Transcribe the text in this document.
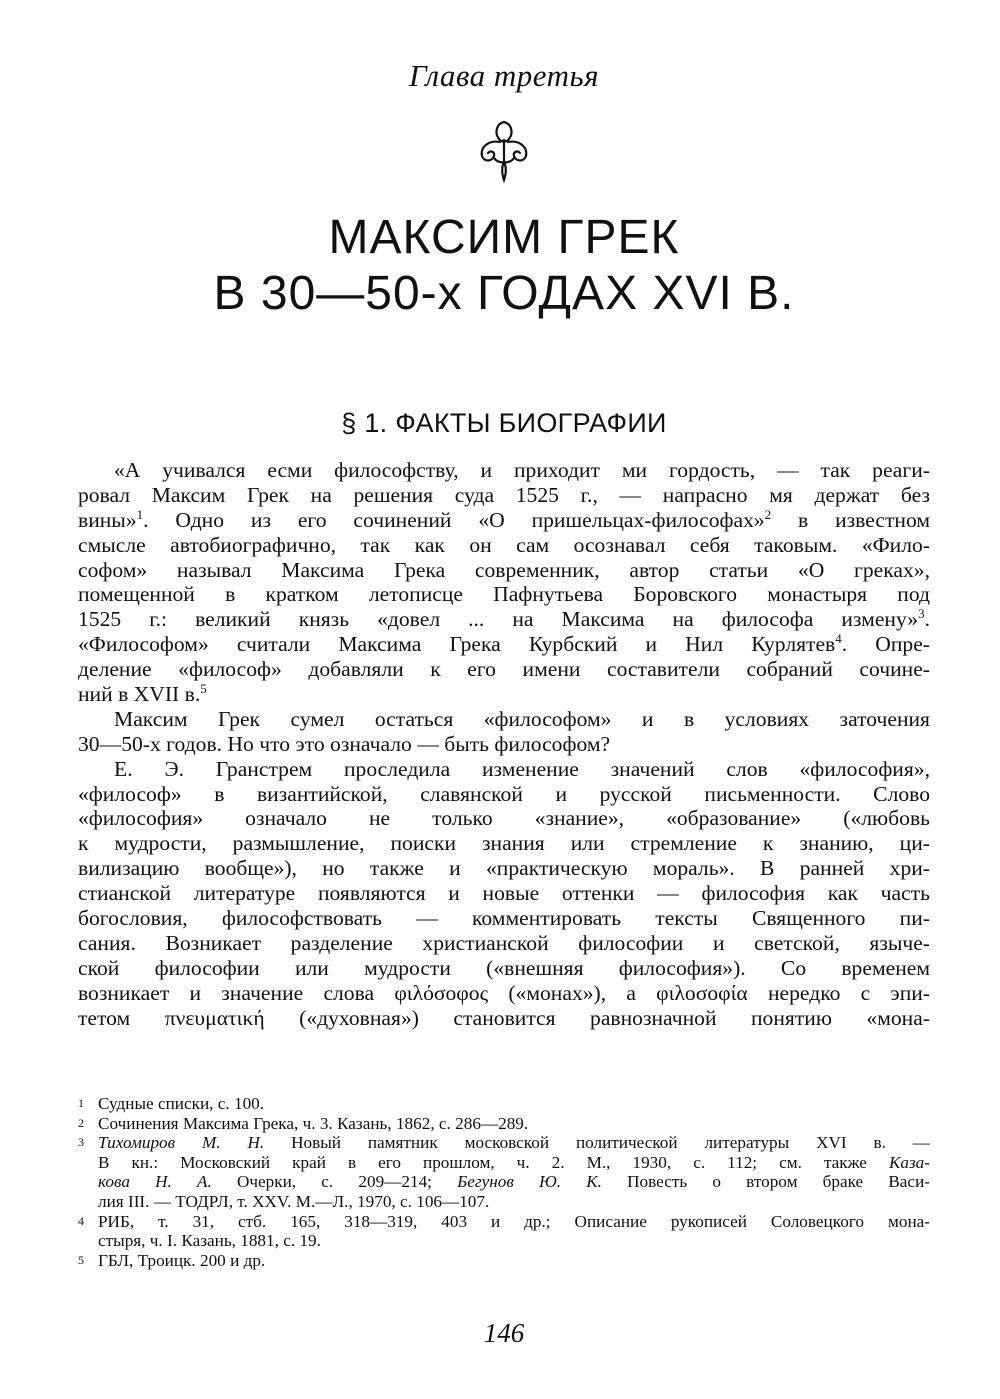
Глава третья
МАКСИМ ГРЕК
В 30—50-х ГОДАХ XVI В.
§ 1. ФАКТЫ БИОГРАФИИ
«А учивался есми философству, и приходит ми гордость, — так реаги-
ровал Максим Грек на решения суда 1525 г., — напрасно мя держат без
вины»$^1$. Одно из его сочинений «О пришельцах-философах»$^2$ в известном
смысле автобиографично, так как он сам осознавал себя таковым. «Фило-
софом» называл Максима Грека современник, автор статьи «О греках»,
помещенной в кратком летописце Пафнутьева Боровского монастыря под
1525 г.: великий князь «довел ... на Максима на философа измену»$^3$.
«Философом» считали Максима Грека Курбский и Нил Курлятев$^4$. Опре-
деление «философ» добавляли к его имени составители собраний сочине-
ний в XVII в.$^5$
Максим Грек сумел остаться «философом» и в условиях заточения
30—50-х годов. Но что это означало — быть философом?
Е. Э. Гранстрем проследила изменение значений слов «философия»,
«философ» в византийской, славянской и русской письменности. Слово
«философия» означало не только «знание», «образование» («любовь
к мудрости, размышление, поиски знания или стремление к знанию, ци-
вилизацию вообще»), но также и «практическую мораль». В ранней хри-
стианской литературе появляются и новые оттенки — философия как часть
богословия, философствовать — комментировать тексты Священного пи-
сания. Возникает разделение христианской философии и светской, языче-
ской философии или мудрости («внешняя философия»). Со временем
возникает и значение слова φιλόσοφος («монах»), а φιλοσοφία нередко с эпи-
тетом πνευματική («духовная») становится равнозначной понятию «мона-
1 Судные списки, с. 100.
2 Сочинения Максима Грека, ч. 3. Казань, 1862, с. 286—289.
3 Тихомиров М. Н. Новый памятник московской политической литературы XVI в. —
В кн.: Московский край в его прошлом, ч. 2. М., 1930, с. 112; см. также Каза-
кова Н. А. Очерки, с. 209—214; Бегунов Ю. К. Повесть о втором браке Васи-
лия III. — ТОДРЛ, т. XXV. М.—Л., 1970, с. 106—107.
4 РИБ, т. 31, стб. 165, 318—319, 403 и др.; Описание рукописей Соловецкого мона-
стыря, ч. I. Казань, 1881, с. 19.
5 ГБЛ, Троицк. 200 и др.
146
